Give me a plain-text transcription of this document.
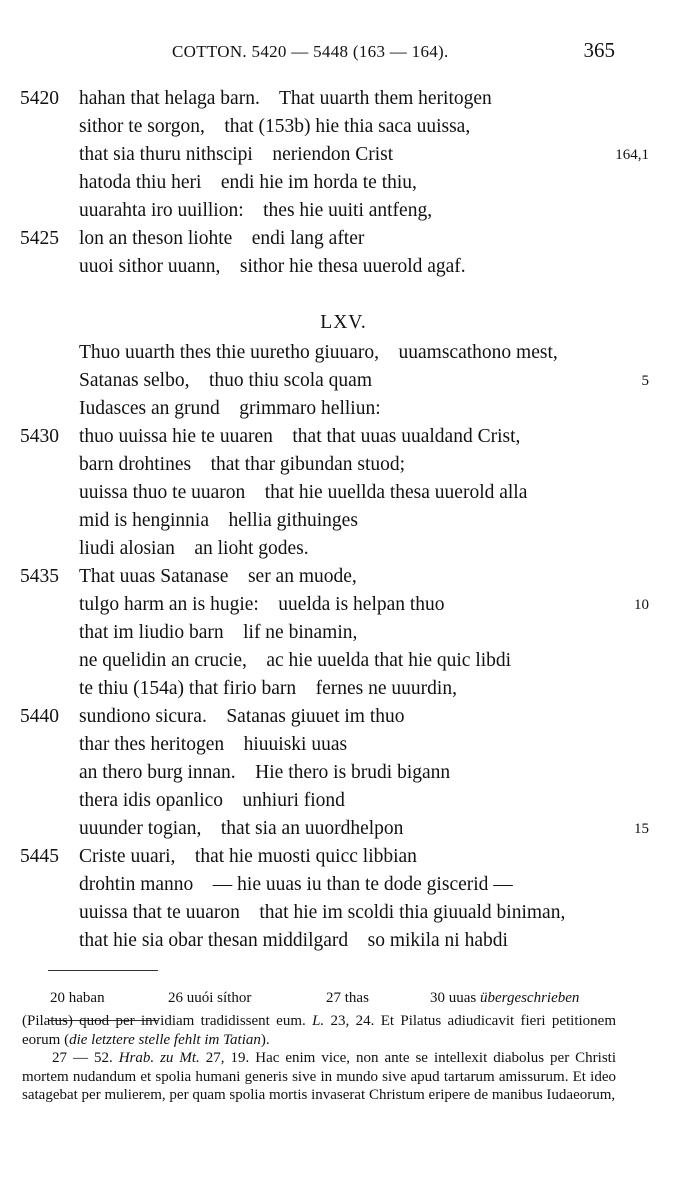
COTTON. 5420 — 5448 (163 — 164).	365
5420 hahan that helaga barn.    That uuarth them heritogen
sithor te sorgon,    that (153b) hie thia saca uuissa,
that sia thuru nithscipi    neriendon Crist	164,1
hatoda thiu heri    endi hie im horda te thiu,
uuarahta iro uuillion:    thes hie uuiti antfeng,
5425 lon an theson liohte    endi lang after
uuoi sithor uuann,    sithor hie thesa uuerold agaf.
LXV.
Thuo uuarth thes thie uuretho giuuaro,    uuamscathono mest,
Satanas selbo,    thuo thiu scola quam	5
Iudasces an grund    grimmaro helliun:
5430 thuo uuissa hie te uuaren    that that uuas uualdand Crist,
barn drohtines    that thar gibundan stuod;
uuissa thuo te uuaron    that hie uuellda thesa uuerold alla
mid is henginnia    hellia githuinges
liudi alosian    an lioht godes.
5435 That uuas Satanase    ser an muode,
tulgo harm an is hugie:    uuelda is helpan thuo	10
that im liudio barn    lif ne binamin,
ne quelidin an crucie,    ac hie uuelda that hie quic libdi
te thiu (154a) that firio barn    fernes ne uuurdin,
5440 sundiono sicura.    Satanas giuuet im thuo
thar thes heritogen    hiuuiski uuas
an thero burg innan.    Hie thero is brudi bigann
thera idis opanlico    unhiuri fiond
uuunder togian,    that sia an uuordhelpon	15
5445 Criste uuari,    that hie muosti quicc libbian
drohtin manno    — hie uuas iu than te dode giscerid —
uuissa that te uuaron    that hie im scoldi thia giuuald biniman,
that hie sia obar thesan middilgard    so mikila ni habdi
20 haban	26 uuói síthor	27 thas	30 uuas übergeschrieben

(Pilatus) quod per invidiam tradidissent eum. L. 23, 24. Et Pilatus adiudicavit fieri petitionem eorum (die letztere stelle fehlt im Tatian).

27 — 52. Hrab. zu Mt. 27, 19. Hac enim vice, non ante se intellexit diabolus per Christi mortem nudandum et spolia humani generis sive in mundo sive apud tartarum amissurum. Et ideo satagebat per mulierem, per quam spolia mortis invaserat Christum eripere de manibus Iudaeorum,
